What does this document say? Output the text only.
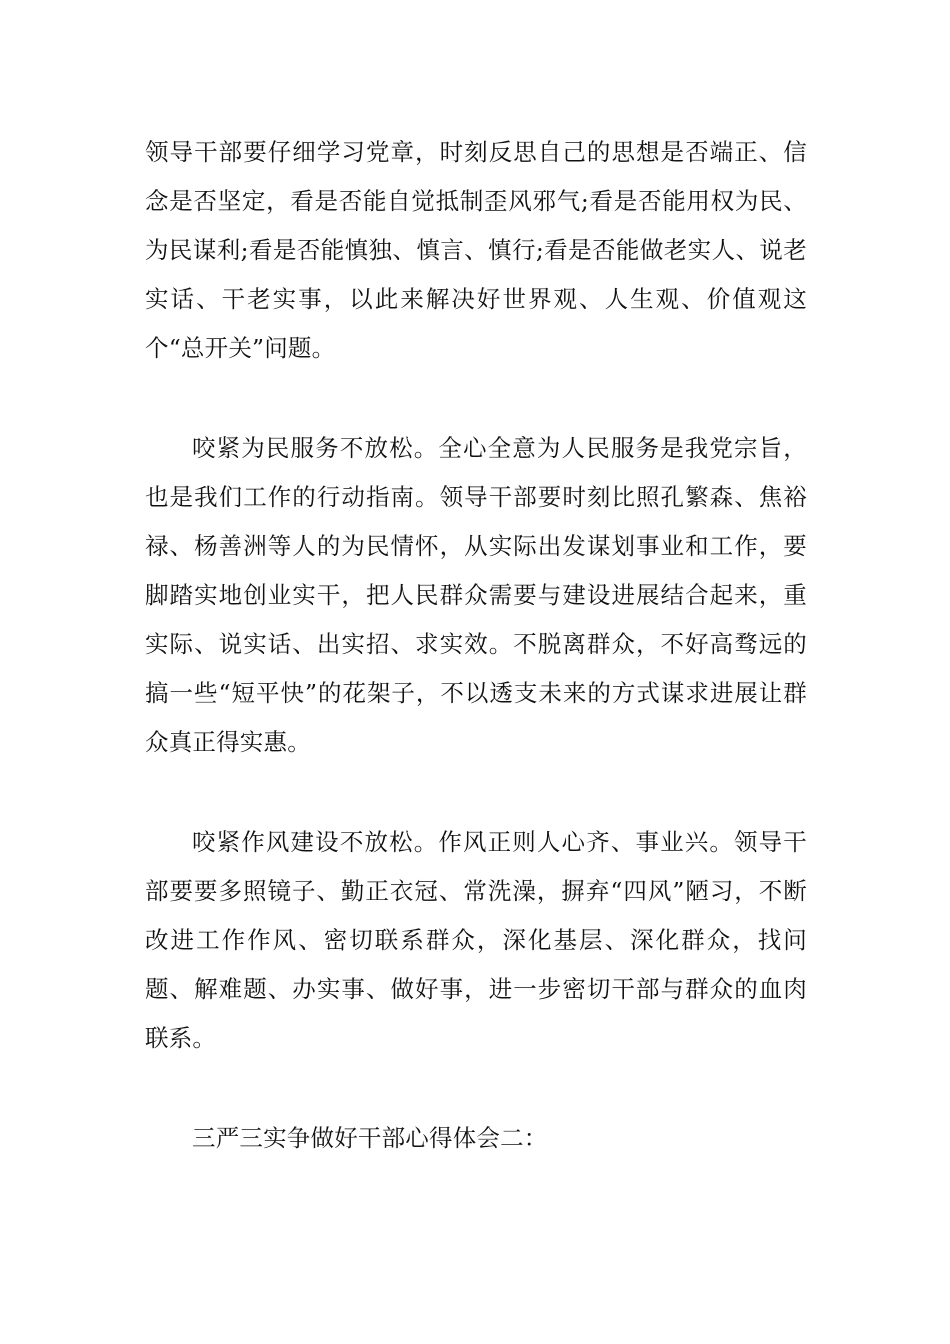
领导干部要仔细学习党章，时刻反思自己的思想是否端正、信念是否坚定，看是否能自觉抵制歪风邪气;看是否能用权为民、为民谋利;看是否能慎独、慎言、慎行;看是否能做老实人、说老实话、干老实事，以此来解决好世界观、人生观、价值观这个“总开关”问题。

咬紧为民服务不放松。全心全意为人民服务是我党宗旨，也是我们工作的行动指南。领导干部要时刻比照孔繁森、焦裕禄、杨善洲等人的为民情怀，从实际出发谋划事业和工作，要脚踏实地创业实干，把人民群众需要与建设进展结合起来，重实际、说实话、出实招、求实效。不脱离群众，不好高骛远的搞一些“短平快”的花架子，不以透支未来的方式谋求进展让群众真正得实惠。

咬紧作风建设不放松。作风正则人心齐、事业兴。领导干部要要多照镜子、勤正衣冠、常洗澡，摒弃“四风”陋习，不断改进工作作风、密切联系群众，深化基层、深化群众，找问题、解难题、办实事、做好事，进一步密切干部与群众的血肉联系。

三严三实争做好干部心得体会二：
